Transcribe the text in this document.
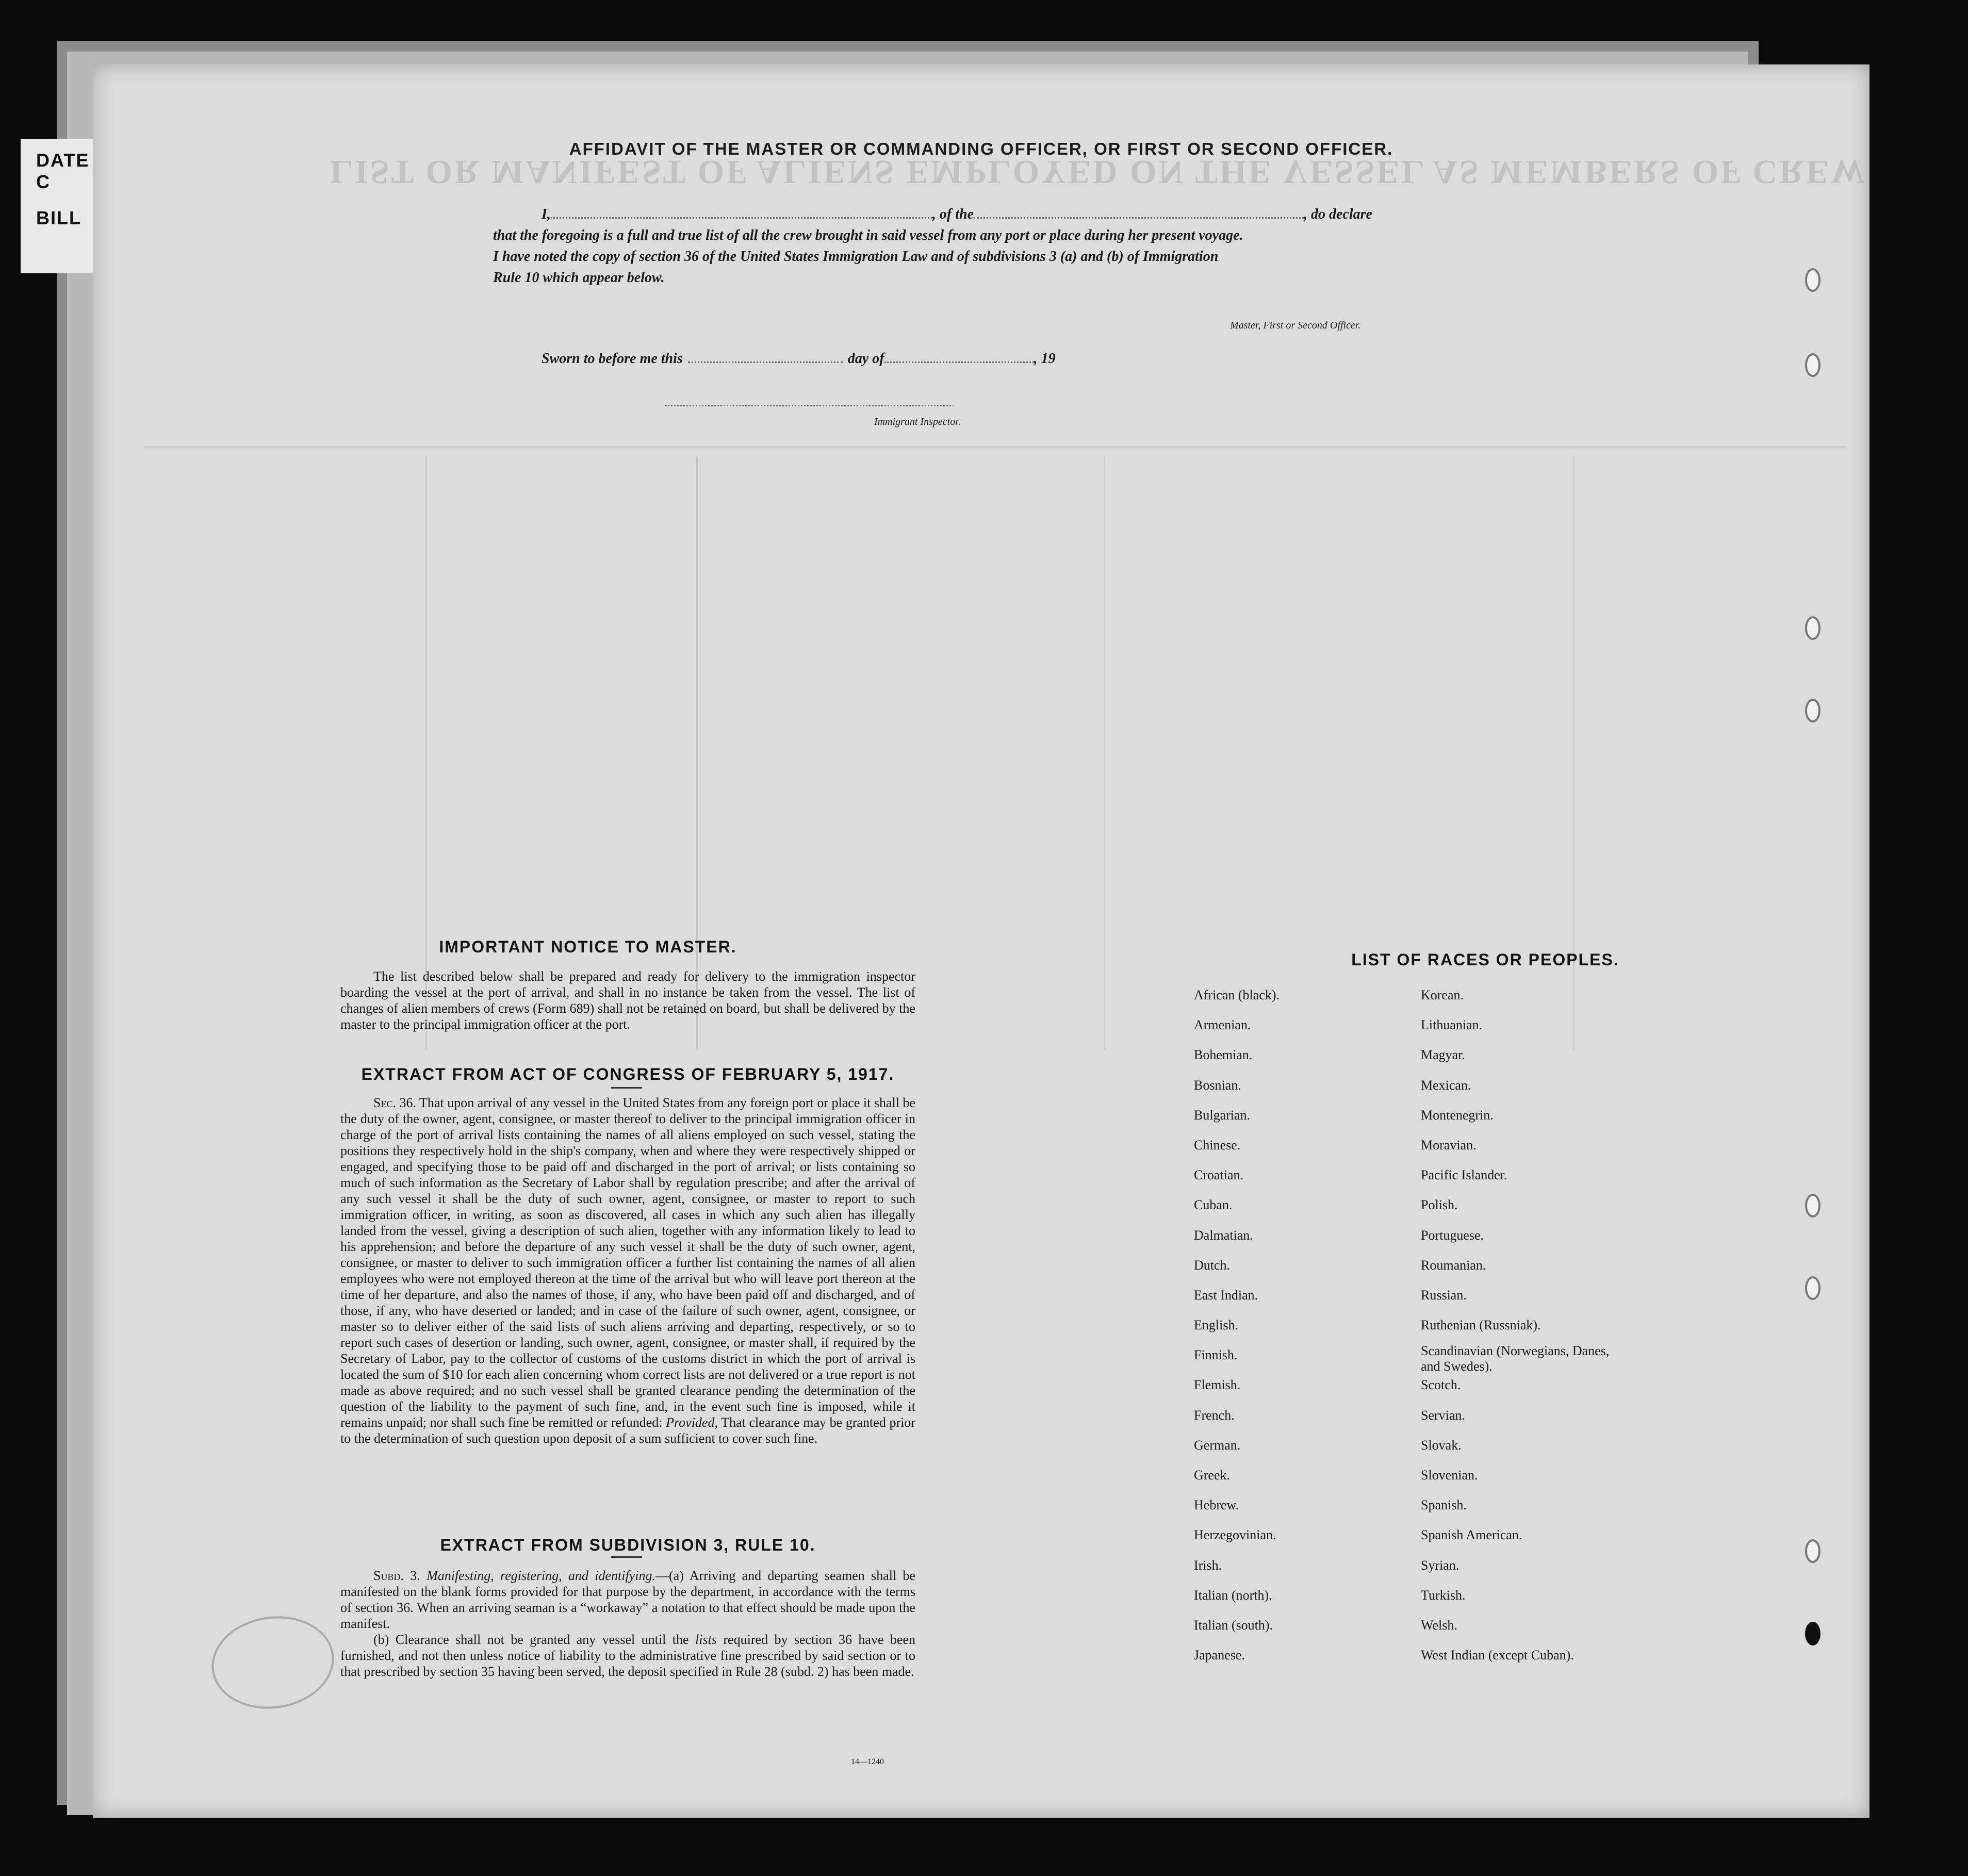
DATE C
BILL
LIST OR MANIFEST OF ALIENS EMPLOYED ON THE VESSEL AS MEMBERS OF CREW
AFFIDAVIT OF THE MASTER OR COMMANDING OFFICER, OR FIRST OR SECOND OFFICER.
I,	, of the	, do declare
that the foregoing is a full and true list of all the crew brought in said vessel from any port or place during her present voyage.
I have noted the copy of section 36 of the United States Immigration Law and of subdivisions 3 (a) and (b) of Immigration
Rule 10 which appear below.
Master, First or Second Officer.
Sworn to before me this	day of	, 19
Immigrant Inspector.
IMPORTANT NOTICE TO MASTER.

The list described below shall be prepared and ready for delivery to the immigration inspector boarding the vessel at the port of arrival, and shall in no instance be taken from the vessel. The list of changes of alien members of crews (Form 689) shall not be retained on board, but shall be delivered by the master to the principal immigration officer at the port.

EXTRACT FROM ACT OF CONGRESS OF FEBRUARY 5, 1917.

Sec. 36. That upon arrival of any vessel in the United States from any foreign port or place it shall be the duty of the owner, agent, consignee, or master thereof to deliver to the principal immigration officer in charge of the port of arrival lists containing the names of all aliens employed on such vessel, stating the positions they respectively hold in the ship's company, when and where they were respectively shipped or engaged, and specifying those to be paid off and discharged in the port of arrival; or lists containing so much of such information as the Secretary of Labor shall by regulation prescribe; and after the arrival of any such vessel it shall be the duty of such owner, agent, consignee, or master to report to such immigration officer, in writing, as soon as discovered, all cases in which any such alien has illegally landed from the vessel, giving a description of such alien, together with any information likely to lead to his apprehension; and before the departure of any such vessel it shall be the duty of such owner, agent, consignee, or master to deliver to such immigration officer a further list containing the names of all alien employees who were not employed thereon at the time of the arrival but who will leave port thereon at the time of her departure, and also the names of those, if any, who have been paid off and discharged, and of those, if any, who have deserted or landed; and in case of the failure of such owner, agent, consignee, or master so to deliver either of the said lists of such aliens arriving and departing, respectively, or so to report such cases of desertion or landing, such owner, agent, consignee, or master shall, if required by the Secretary of Labor, pay to the collector of customs of the customs district in which the port of arrival is located the sum of $10 for each alien concerning whom correct lists are not delivered or a true report is not made as above required; and no such vessel shall be granted clearance pending the determination of the question of the liability to the payment of such fine, and, in the event such fine is imposed, while it remains unpaid; nor shall such fine be remitted or refunded: Provided, That clearance may be granted prior to the determination of such question upon deposit of a sum sufficient to cover such fine.

EXTRACT FROM SUBDIVISION 3, RULE 10.

Subd. 3. Manifesting, registering, and identifying.—(a) Arriving and departing seamen shall be manifested on the blank forms provided for that purpose by the department, in accordance with the terms of section 36. When an arriving seaman is a “workaway” a notation to that effect should be made upon the manifest.

(b) Clearance shall not be granted any vessel until the lists required by section 36 have been furnished, and not then unless notice of liability to the administrative fine prescribed by said section or to that prescribed by section 35 having been served, the deposit specified in Rule 28 (subd. 2) has been made.

14—1240
LIST OF RACES OR PEOPLES.
African (black).	Korean.
Armenian.	Lithuanian.
Bohemian.	Magyar.
Bosnian.	Mexican.
Bulgarian.	Montenegrin.
Chinese.	Moravian.
Croatian.	Pacific Islander.
Cuban.	Polish.
Dalmatian.	Portuguese.
Dutch.	Roumanian.
East Indian.	Russian.
English.	Ruthenian (Russniak).
Finnish.	Scandinavian (Norwegians, Danes, and Swedes).
Flemish.	Scotch.
French.	Servian.
German.	Slovak.
Greek.	Slovenian.
Hebrew.	Spanish.
Herzegovinian.	Spanish American.
Irish.	Syrian.
Italian (north).	Turkish.
Italian (south).	Welsh.
Japanese.	West Indian (except Cuban).
